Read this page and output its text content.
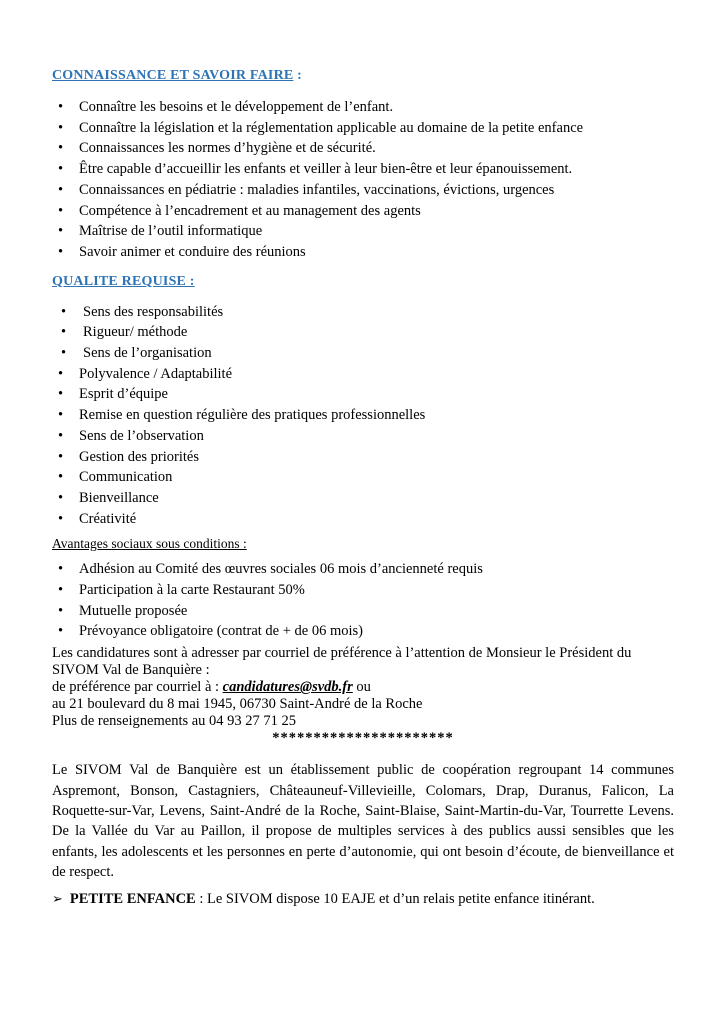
CONNAISSANCE ET SAVOIR FAIRE :
• Connaître les besoins et le développement de l’enfant.
• Connaître la législation et la réglementation applicable au domaine de la petite enfance
• Connaissances les normes d’hygiène et de sécurité.
• Être capable d’accueillir les enfants et veiller à leur bien-être et leur épanouissement.
• Connaissances en pédiatrie : maladies infantiles, vaccinations, évictions, urgences
• Compétence à l’encadrement et au management des agents
• Maîtrise de l’outil informatique
• Savoir animer et conduire des réunions
QUALITE REQUISE :
• Sens des responsabilités
• Rigueur/ méthode
• Sens de l’organisation
• Polyvalence / Adaptabilité
• Esprit d’équipe
• Remise en question régulière des pratiques professionnelles
• Sens de l’observation
• Gestion des priorités
• Communication
• Bienveillance
• Créativité
Avantages sociaux sous conditions :
• Adhésion au Comité des œuvres sociales 06 mois d’ancienneté requis
• Participation à la carte Restaurant 50%
• Mutuelle proposée
• Prévoyance obligatoire (contrat de + de 06 mois)
Les candidatures sont à adresser par courriel de préférence à l’attention de Monsieur le Président du
SIVOM Val de Banquière :
de préférence par courriel à : candidatures@svdb.fr ou
au 21 boulevard du 8 mai 1945, 06730 Saint-André de la Roche
Plus de renseignements au 04 93 27 71 25
**********************

Le SIVOM Val de Banquière est un établissement public de coopération regroupant 14 communes Aspremont, Bonson, Castagniers, Châteauneuf-Villevieille, Colomars, Drap, Duranus, Falicon, La Roquette-sur-Var, Levens, Saint-André de la Roche, Saint-Blaise, Saint-Martin-du-Var, Tourrette Levens. De la Vallée du Var au Paillon, il propose de multiples services à des publics aussi sensibles que les enfants, les adolescents et les personnes en perte d’autonomie, qui ont besoin d’écoute, de bienveillance et de respect.

➢ PETITE ENFANCE : Le SIVOM dispose 10 EAJE et d’un relais petite enfance itinérant.
